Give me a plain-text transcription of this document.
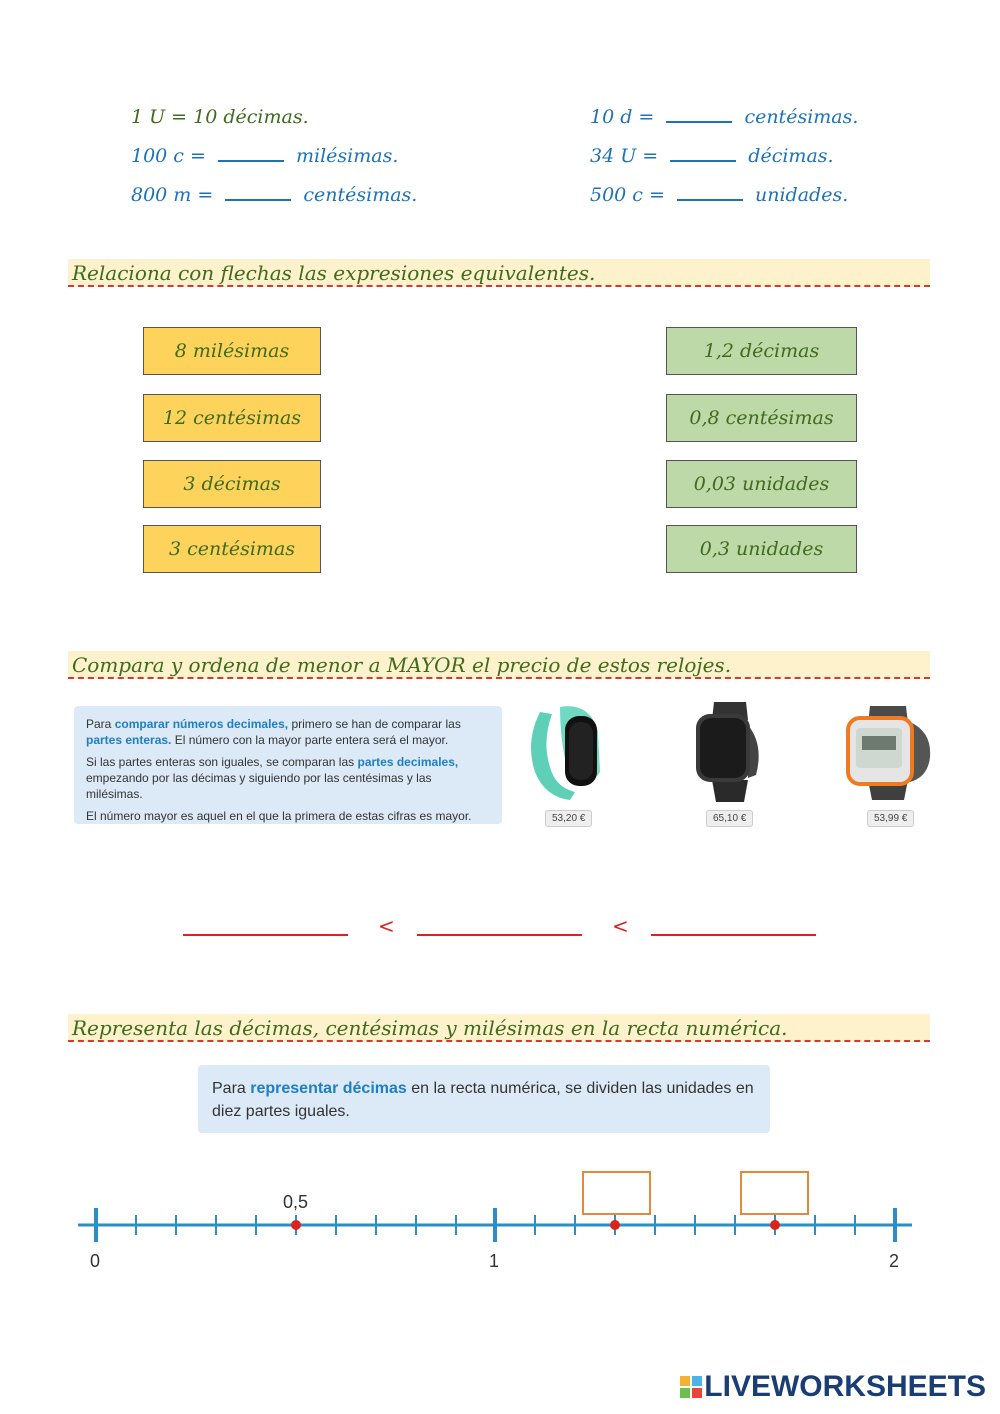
1 U = 10 décimas.
100 c =	milésimas.
800 m =	centésimas.
10 d =	centésimas.
34 U =	décimas.
500 c =	unidades.
Relaciona con flechas las expresiones equivalentes.
8 milésimas
12 centésimas
3 décimas
3 centésimas
1,2 décimas
0,8 centésimas
0,03 unidades
0,3 unidades
Compara y ordena de menor a MAYOR el precio de estos relojes.

Para comparar números decimales, primero se han de comparar las partes enteras. El número con la mayor parte entera será el mayor.

Si las partes enteras son iguales, se comparan las partes decimales, empezando por las décimas y siguiendo por las centésimas y las milésimas.

El número mayor es aquel en el que la primera de estas cifras es mayor.	53,20 €	65,10 €	53,99 €
<	<
Representa las décimas, centésimas y milésimas en la recta numérica.
Para representar décimas en la recta numérica, se dividen las unidades en diez partes iguales.
0,5
0	1	2
LIVEWORKSHEETS
